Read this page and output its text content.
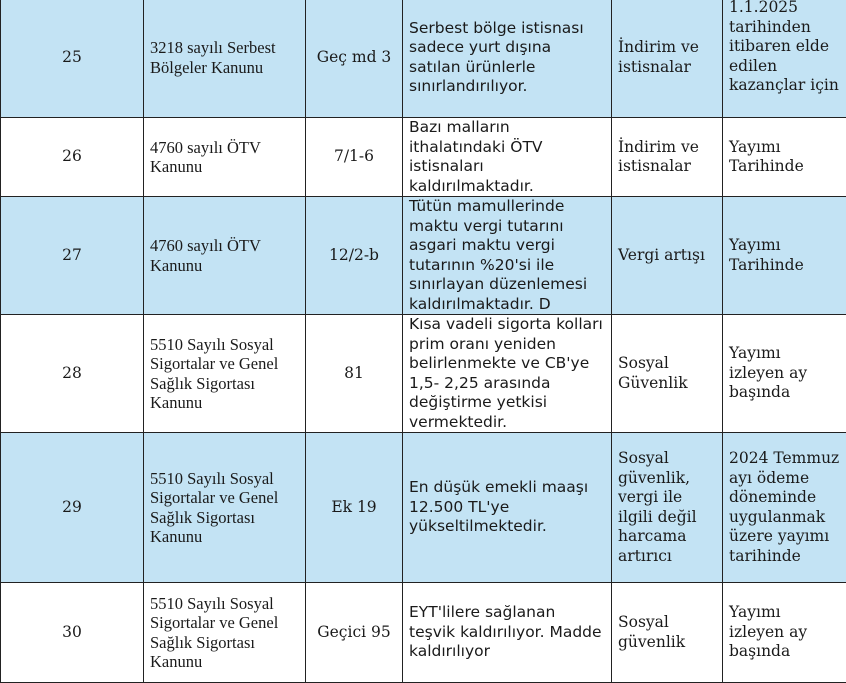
25	3218 sayılı Serbest Bölgeler Kanunu	Geç md 3	Serbest bölge istisnası sadece yurt dışına satılan ürünlerle sınırlandırılıyor.	İndirim ve istisnalar	1.1.2025 tarihinden itibaren elde edilen kazançlar için
26	4760 sayılı ÖTV Kanunu	7/1-6	Bazı malların ithalatındaki ÖTV istisnaları kaldırılmaktadır.	İndirim ve istisnalar	Yayımı Tarihinde
27	4760 sayılı ÖTV Kanunu	12/2-b	Tütün mamullerinde maktu vergi tutarını asgari maktu vergi tutarının %20'si ile sınırlayan düzenlemesi kaldırılmaktadır. D	Vergi artışı	Yayımı Tarihinde
28	5510 Sayılı Sosyal Sigortalar ve Genel Sağlık Sigortası Kanunu	81	Kısa vadeli sigorta kolları prim oranı yeniden belirlenmekte ve CB'ye 1,5- 2,25 arasında değiştirme yetkisi vermektedir.	Sosyal Güvenlik	Yayımı izleyen ay başında
29	5510 Sayılı Sosyal Sigortalar ve Genel Sağlık Sigortası Kanunu	Ek 19	En düşük emekli maaşı 12.500 TL'ye yükseltilmektedir.	Sosyal güvenlik, vergi ile ilgili değil harcama artırıcı	2024 Temmuz ayı ödeme döneminde uygulanmak üzere yayımı tarihinde
30	5510 Sayılı Sosyal Sigortalar ve Genel Sağlık Sigortası Kanunu	Geçici 95	EYT'lilere sağlanan teşvik kaldırılıyor. Madde kaldırılıyor	Sosyal güvenlik	Yayımı izleyen ay başında
